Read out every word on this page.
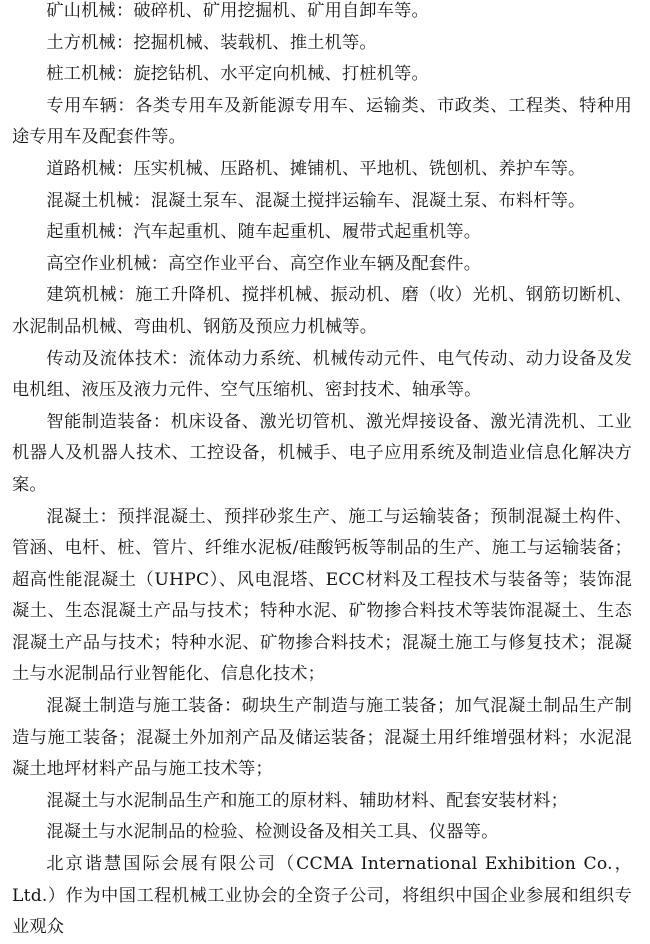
矿山机械：破碎机、矿用挖掘机、矿用自卸车等。

土方机械：挖掘机械、装载机、推土机等。

桩工机械：旋挖钻机、水平定向机械、打桩机等。

专用车辆：各类专用车及新能源专用车、运输类、市政类、工程类、特种用途专用车及配套件等。

道路机械：压实机械、压路机、摊铺机、平地机、铣刨机、养护车等。

混凝土机械：混凝土泵车、混凝土搅拌运输车、混凝土泵、布料杆等。

起重机械：汽车起重机、随车起重机、履带式起重机等。

高空作业机械：高空作业平台、高空作业车辆及配套件。

建筑机械：施工升降机、搅拌机械、振动机、磨（收）光机、钢筋切断机、水泥制品机械、弯曲机、钢筋及预应力机械等。

传动及流体技术：流体动力系统、机械传动元件、电气传动、动力设备及发电机组、液压及液力元件、空气压缩机、密封技术、轴承等。

智能制造装备：机床设备、激光切管机、激光焊接设备、激光清洗机、工业机器人及机器人技术、工控设备，机械手、电子应用系统及制造业信息化解决方案。

混凝土：预拌混凝土、预拌砂浆生产、施工与运输装备；预制混凝土构件、管涵、电杆、桩、管片、纤维水泥板/硅酸钙板等制品的生产、施工与运输装备；超高性能混凝土（UHPC）、风电混塔、ECC材料及工程技术与装备等；装饰混凝土、生态混凝土产品与技术；特种水泥、矿物掺合料技术等装饰混凝土、生态混凝土产品与技术；特种水泥、矿物掺合料技术；混凝土施工与修复技术；混凝土与水泥制品行业智能化、信息化技术；

混凝土制造与施工装备：砌块生产制造与施工装备；加气混凝土制品生产制造与施工装备；混凝土外加剂产品及储运装备；混凝土用纤维增强材料；水泥混凝土地坪材料产品与施工技术等；

混凝土与水泥制品生产和施工的原材料、辅助材料、配套安装材料；

混凝土与水泥制品的检验、检测设备及相关工具、仪器等。

北京谐慧国际会展有限公司（CCMA International Exhibition Co.，Ltd.）作为中国工程机械工业协会的全资子公司，将组织中国企业参展和组织专业观众
